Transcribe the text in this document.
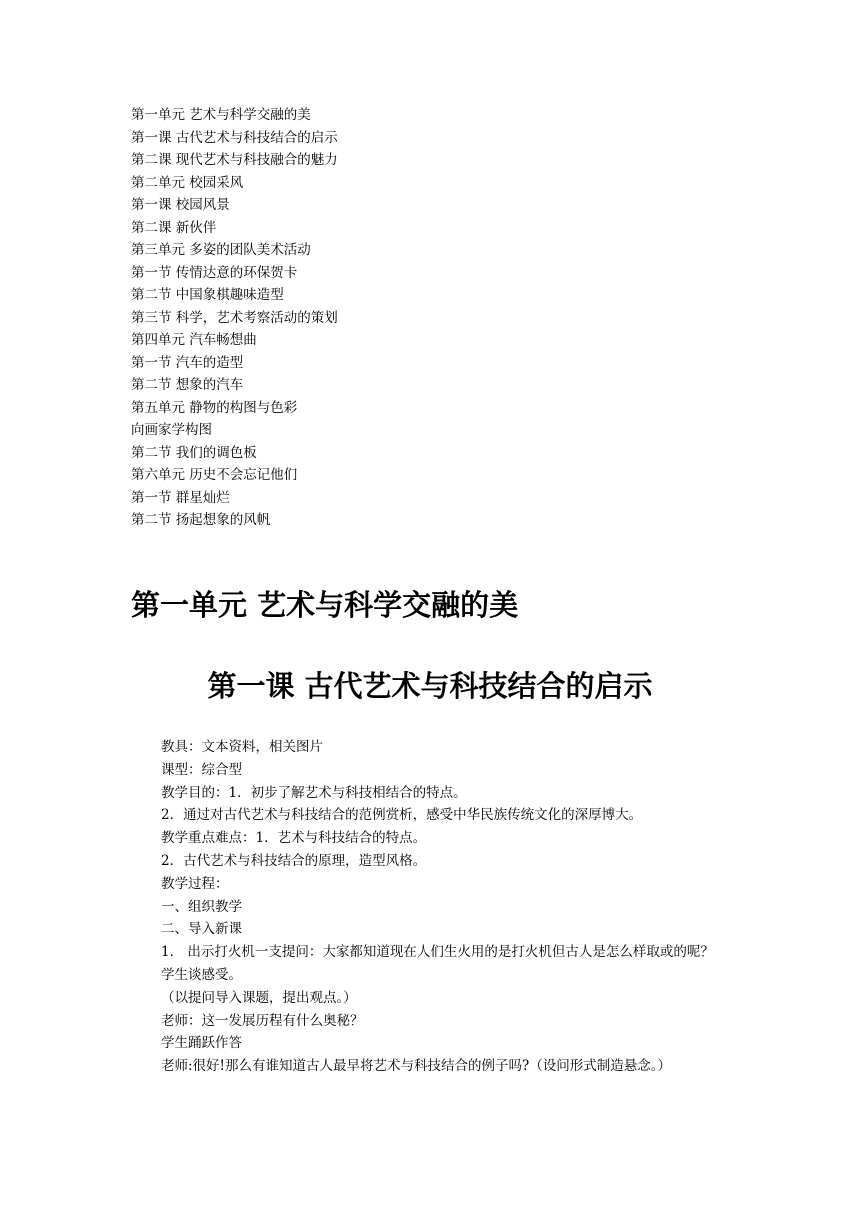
第一单元 艺术与科学交融的美
第一课 古代艺术与科技结合的启示
第二课 现代艺术与科技融合的魅力
第二单元 校园采风
第一课 校园风景
第二课 新伙伴
第三单元 多姿的团队美术活动
第一节 传情达意的环保贺卡
第二节 中国象棋趣味造型
第三节 科学，艺术考察活动的策划
第四单元 汽车畅想曲
第一节 汽车的造型
第二节 想象的汽车
第五单元 静物的构图与色彩
向画家学构图
第二节 我们的调色板
第六单元 历史不会忘记他们
第一节 群星灿烂
第二节 扬起想象的风帆
第一单元 艺术与科学交融的美
第一课 古代艺术与科技结合的启示

教具：文本资料，相关图片

课型：综合型

教学目的：1．初步了解艺术与科技相结合的特点。

2．通过对古代艺术与科技结合的范例赏析，感受中华民族传统文化的深厚博大。

教学重点难点：1．艺术与科技结合的特点。

2．古代艺术与科技结合的原理，造型风格。

教学过程：

一、组织教学

二、导入新课

1． 出示打火机一支提问：大家都知道现在人们生火用的是打火机但古人是怎么样取或的呢？

学生谈感受。

（以提问导入课题，提出观点。）

老师：这一发展历程有什么奥秘？

学生踊跃作答

老师:很好!那么有谁知道古人最早将艺术与科技结合的例子吗?（设问形式制造悬念。）
